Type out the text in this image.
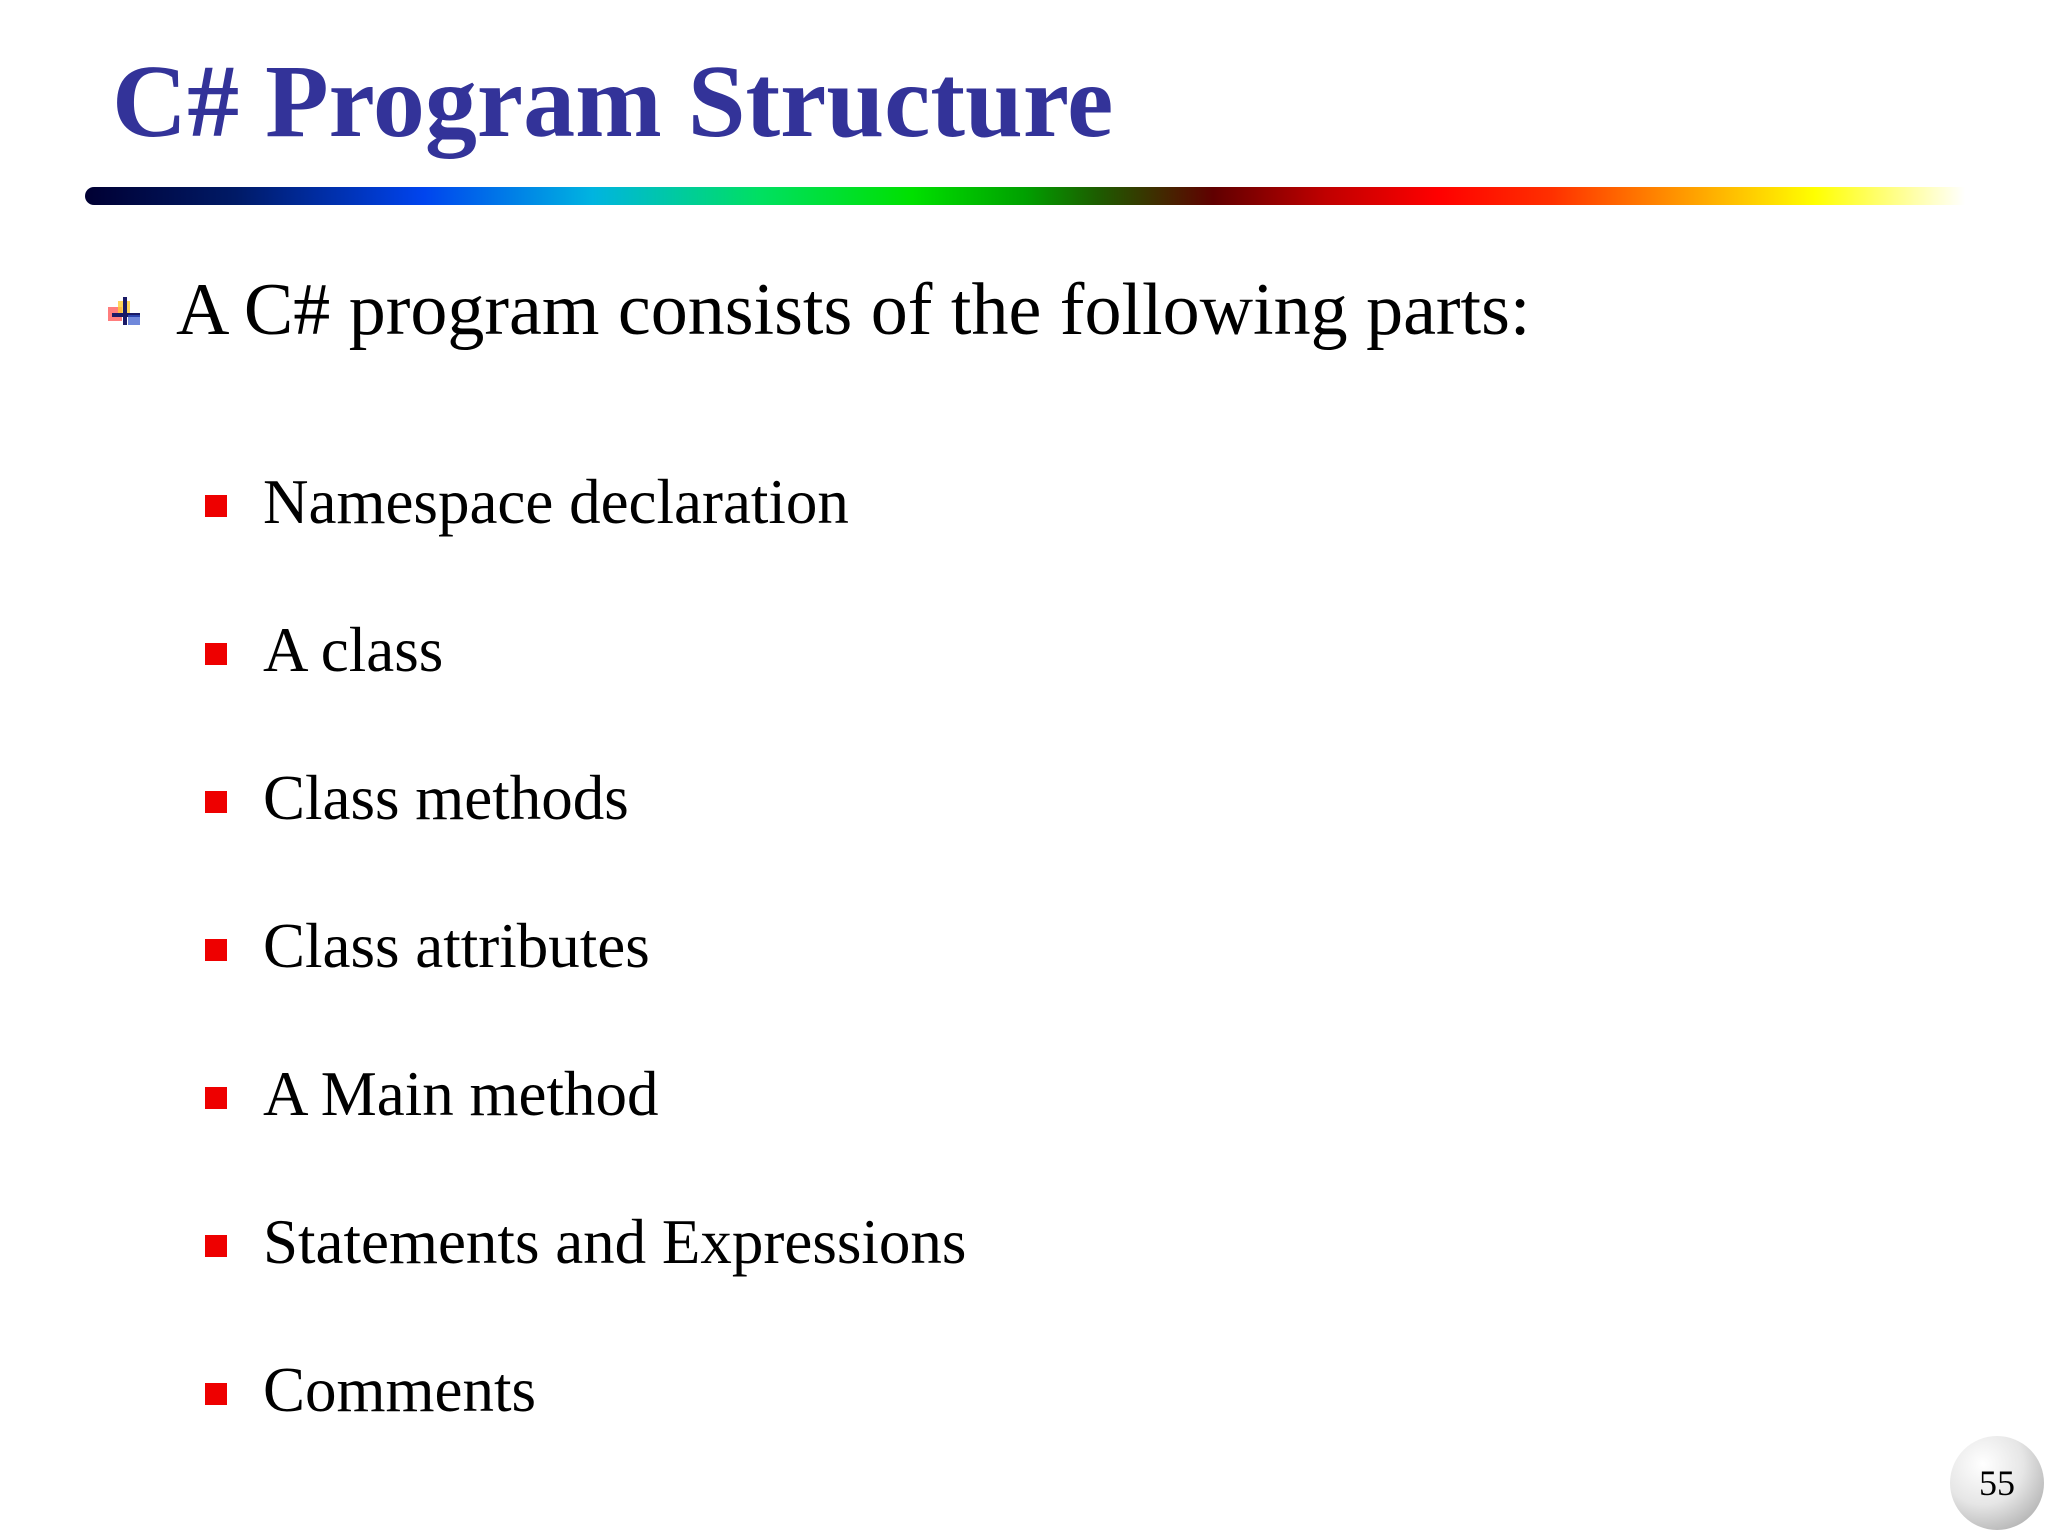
C# Program Structure
A C# program consists of the following parts:
Namespace declaration
A class
Class methods
Class attributes
A Main method
Statements and Expressions
Comments
55
